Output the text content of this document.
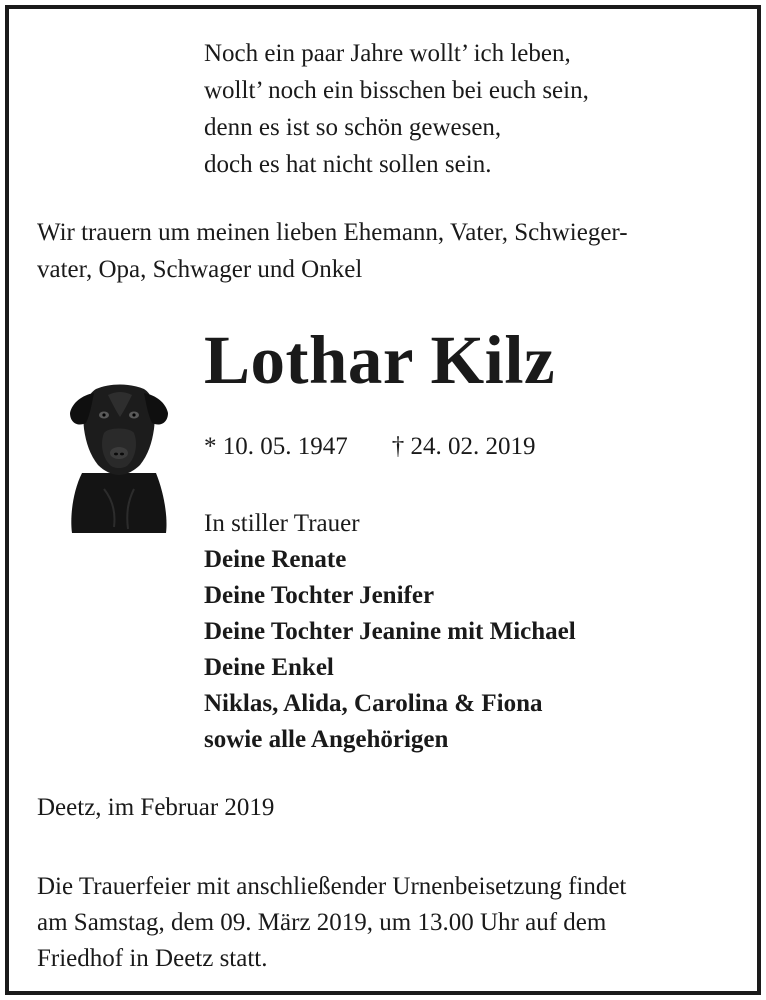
Noch ein paar Jahre wollt’ ich leben,
wollt’ noch ein bisschen bei euch sein,
denn es ist so schön gewesen,
doch es hat nicht sollen sein.
Wir trauern um meinen lieben Ehemann, Vater, Schwieger-
vater, Opa, Schwager und Onkel
Lothar Kilz
* 10. 05. 1947 † 24. 02. 2019
In stiller Trauer
Deine Renate
Deine Tochter Jenifer
Deine Tochter Jeanine mit Michael
Deine Enkel
Niklas, Alida, Carolina & Fiona
sowie alle Angehörigen
Deetz, im Februar 2019
Die Trauerfeier mit anschließender Urnenbeisetzung findet
am Samstag, dem 09. März 2019, um 13.00 Uhr auf dem
Friedhof in Deetz statt.
